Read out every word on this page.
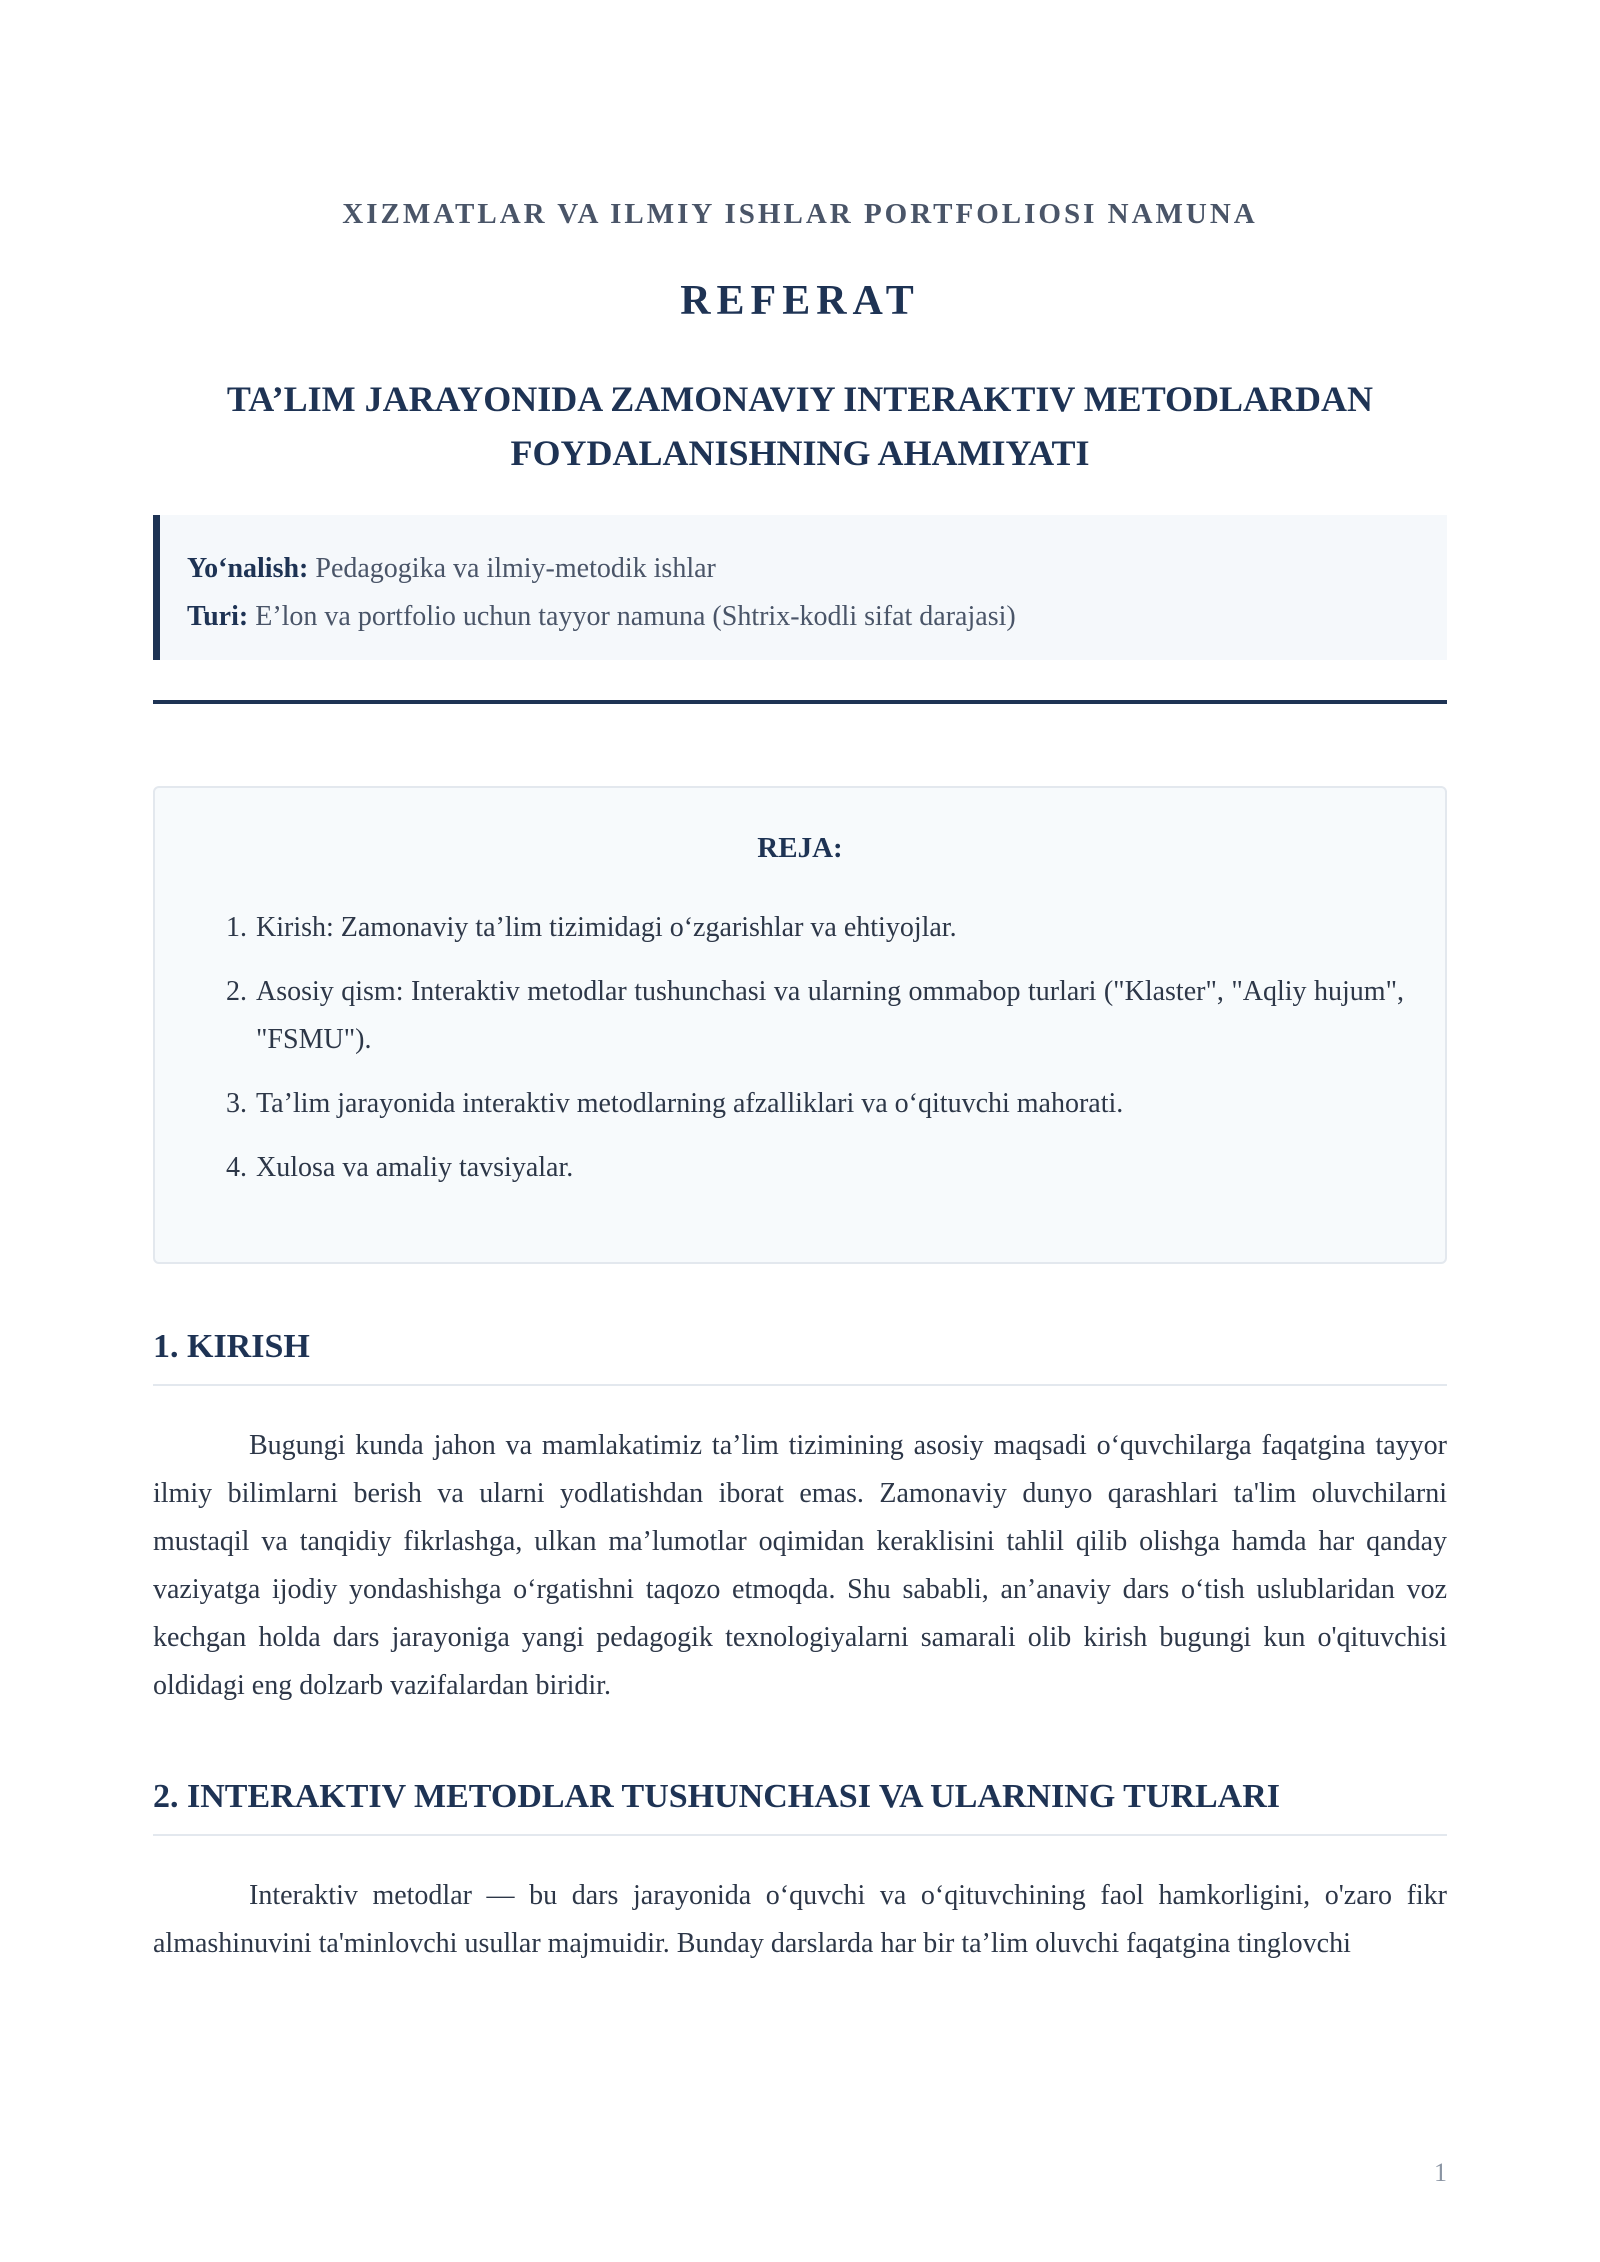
XIZMATLAR VA ILMIY ISHLAR PORTFOLIOSI NAMUNA
REFERAT
TA’LIM JARAYONIDA ZAMONAVIY INTERAKTIV METODLARDAN
FOYDALANISHNING AHAMIYATI
Yo‘nalish: Pedagogika va ilmiy-metodik ishlar
Turi: E’lon va portfolio uchun tayyor namuna (Shtrix-kodli sifat darajasi)
REJA:
1. Kirish: Zamonaviy ta’lim tizimidagi o‘zgarishlar va ehtiyojlar.
2. Asosiy qism: Interaktiv metodlar tushunchasi va ularning ommabop turlari ("Klaster", "Aqliy hujum", "FSMU").
3. Ta’lim jarayonida interaktiv metodlarning afzalliklari va o‘qituvchi mahorati.
4. Xulosa va amaliy tavsiyalar.
1. KIRISH

Bugungi kunda jahon va mamlakatimiz ta’lim tizimining asosiy maqsadi o‘quvchilarga faqatgina tayyor ilmiy bilimlarni berish va ularni yodlatishdan iborat emas. Zamonaviy dunyo qarashlari ta'lim oluvchilarni mustaqil va tanqidiy fikrlashga, ulkan ma’lumotlar oqimidan keraklisini tahlil qilib olishga hamda har qanday vaziyatga ijodiy yondashishga o‘rgatishni taqozo etmoqda. Shu sababli, an’anaviy dars o‘tish uslublaridan voz kechgan holda dars jarayoniga yangi pedagogik texnologiyalarni samarali olib kirish bugungi kun o'qituvchisi oldidagi eng dolzarb vazifalardan biridir.

2. INTERAKTIV METODLAR TUSHUNCHASI VA ULARNING TURLARI

Interaktiv metodlar — bu dars jarayonida o‘quvchi va o‘qituvchining faol hamkorligini, o'zaro fikr almashinuvini ta'minlovchi usullar majmuidir. Bunday darslarda har bir ta’lim oluvchi faqatgina tinglovchi

1
